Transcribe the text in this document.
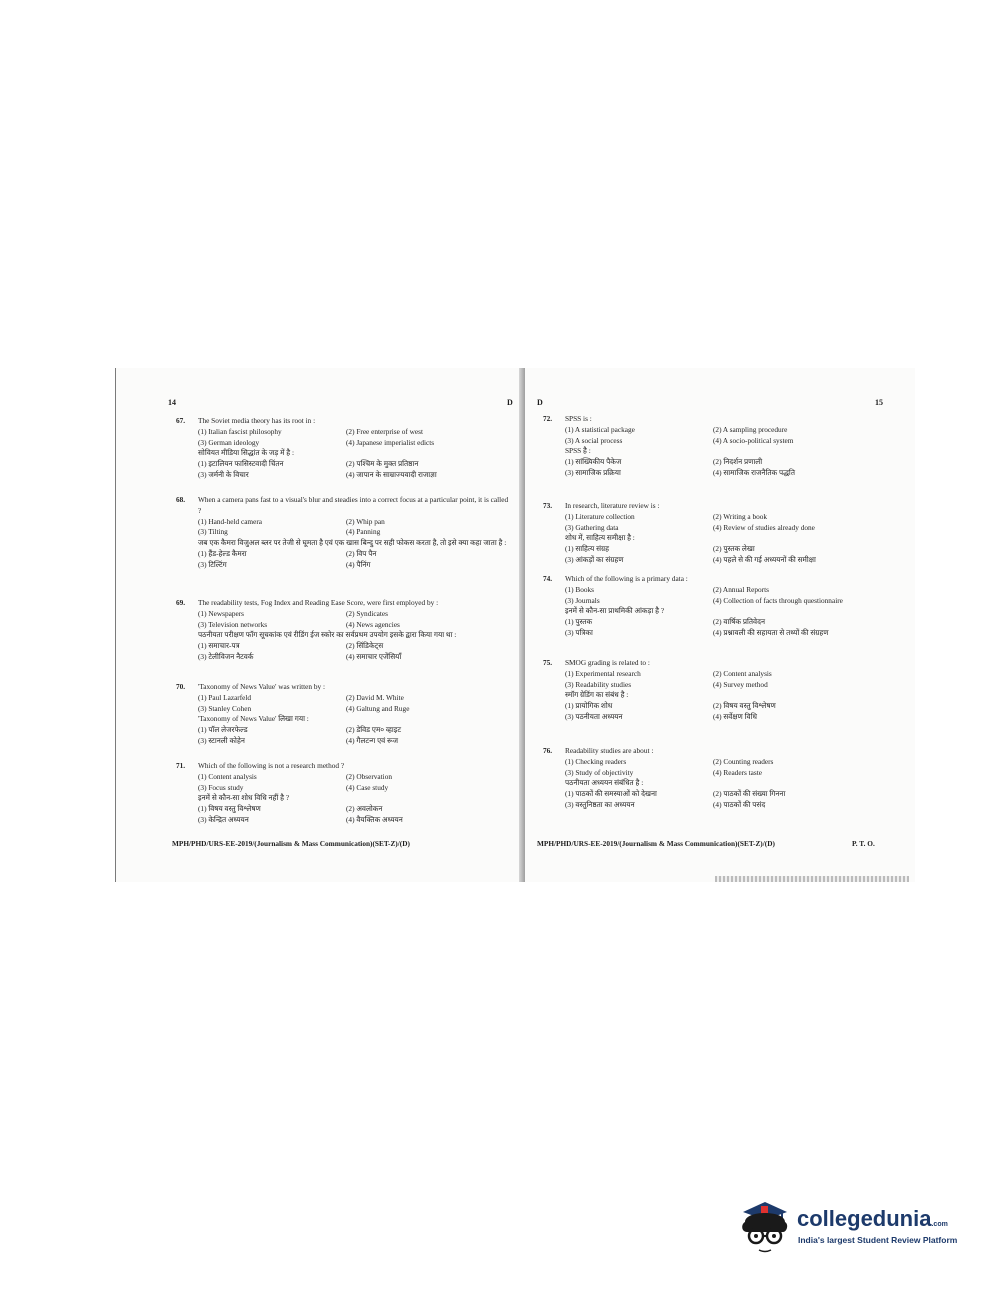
14	D
67.	The Soviet media theory has its root in :
(1) Italian fascist philosophy	(2) Free enterprise of west
(3) German ideology	(4) Japanese imperialist edicts
सोवियत मीडिया सिद्धांत के जड़ में है :
(1) इटालियन फासिस्टवादी चिंतन	(2) पश्चिम के मुक्त प्रतिष्ठान
(3) जर्मनी के विचार	(4) जापान के साम्राज्यवादी राजाज्ञा
68.	When a camera pans fast to a visual's blur and steadies into a correct focus at a particular point, it is called ?
(1) Hand-held camera	(2) Whip pan
(3) Tilting	(4) Panning
जब एक कैमरा विजुअल ब्लर पर तेजी से घूमता है एवं एक खास बिन्दु पर सही फोकस करता है, तो इसे क्या कहा जाता है :
(1) हैंड-हेल्ड कैमरा	(2) विप पैन
(3) टिल्टिंग	(4) पैनिंग
69.	The readability tests, Fog Index and Reading Ease Score, were first employed by :
(1) Newspapers	(2) Syndicates
(3) Television networks	(4) News agencies
पठनीयता परीक्षण फॉग सूचकांक एवं रीडिंग ईज स्कोर का सर्वप्रथम उपयोग इसके द्वारा किया गया था :
(1) समाचार-पत्र	(2) सिंडिकेट्स
(3) टेलीविजन नैटवर्क	(4) समाचार एजेंसियाँ
70.	'Taxonomy of News Value' was written by :
(1) Paul Lazarfeld	(2) David M. White
(3) Stanley Cohen	(4) Galtung and Ruge
'Taxonomy of News Value' लिखा गया :
(1) पॉल लेजरफेल्ड	(2) डेविड एम० व्हाइट
(3) स्टानली कोहेन	(4) गैलटन्ग एवं रूज
71.	Which of the following is not a research method ?
(1) Content analysis	(2) Observation
(3) Focus study	(4) Case study
इनमें से कौन-सा शोध विधि नहीं है ?
(1) विषय वस्तु विश्लेषण	(2) अवलोकन
(3) केन्द्रित अध्ययन	(4) वैयक्तिक अध्ययन
MPH/PHD/URS-EE-2019/(Journalism & Mass Communication)(SET-Z)/(D)
D	15
72.	SPSS is :
(1) A statistical package	(2) A sampling procedure
(3) A social process	(4) A socio-political system
SPSS है :
(1) सांख्यिकीय पैकेज	(2) निदर्शन प्रणाली
(3) सामाजिक प्रक्रिया	(4) सामाजिक राजनैतिक पद्धति
73.	In research, literature review is :
(1) Literature collection	(2) Writing a book
(3) Gathering data	(4) Review of studies already done
शोध में, साहित्य समीक्षा है :
(1) साहित्य संग्रह	(2) पुस्तक लेखा
(3) आंकड़ों का संग्रहण	(4) पहले से की गई अध्ययनों की समीक्षा
74.	Which of the following is a primary data :
(1) Books	(2) Annual Reports
(3) Journals	(4) Collection of facts through questionnaire
इनमें से कौन-सा प्राथमिकी आंकड़ा है ?
(1) पुस्तक	(2) वार्षिक प्रतिवेदन
(3) पत्रिका	(4) प्रश्नावली की सहायता से तथ्यों की संग्रहण
75.	SMOG grading is related to :
(1) Experimental research	(2) Content analysis
(3) Readability studies	(4) Survey method
स्मॉग ग्रेडिंग का संबंध है :
(1) प्रायोगिक शोध	(2) विषय वस्तु विश्लेषण
(3) पठनीयता अध्ययन	(4) सर्वेक्षण विधि
76.	Readability studies are about :
(1) Checking readers	(2) Counting readers
(3) Study of objectivity	(4) Readers taste
पठनीयता अध्ययन संबंधित है :
(1) पाठकों की समस्याओं को देखना	(2) पाठकों की संख्या गिनना
(3) वस्तुनिष्ठता का अध्ययन	(4) पाठकों की पसंद
MPH/PHD/URS-EE-2019/(Journalism & Mass Communication)(SET-Z)/(D)	P. T. O.
collegedunia.com
India's largest Student Review Platform
